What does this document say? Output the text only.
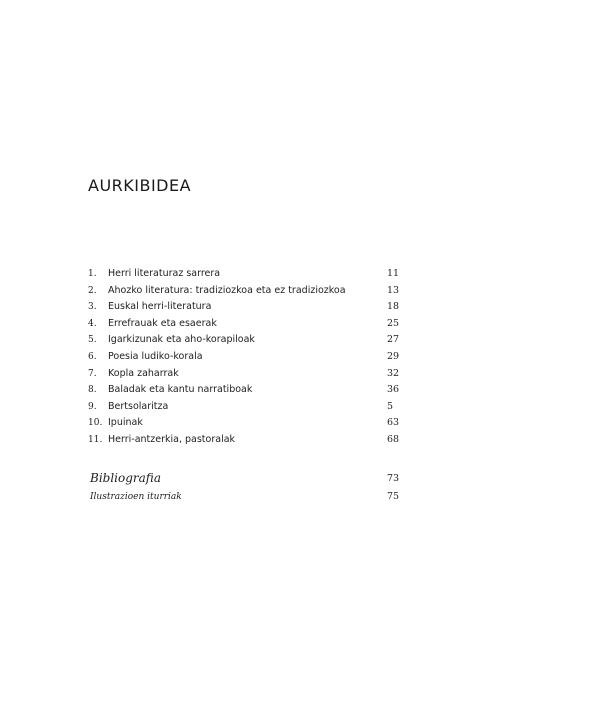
AURKIBIDEA
1.	Herri literaturaz sarrera	11
2.	Ahozko literatura: tradiziozkoa eta ez tradiziozkoa	13
3.	Euskal herri-literatura	18
4.	Errefrauak eta esaerak	25
5.	Igarkizunak eta aho-korapiloak	27
6.	Poesia ludiko-korala	29
7.	Kopla zaharrak	32
8.	Baladak eta kantu narratiboak	36
9.	Bertsolaritza	5
10. Ipuinak	63
11. Herri-antzerkia, pastoralak	68
Bibliografia	73
Ilustrazioen iturriak	75
